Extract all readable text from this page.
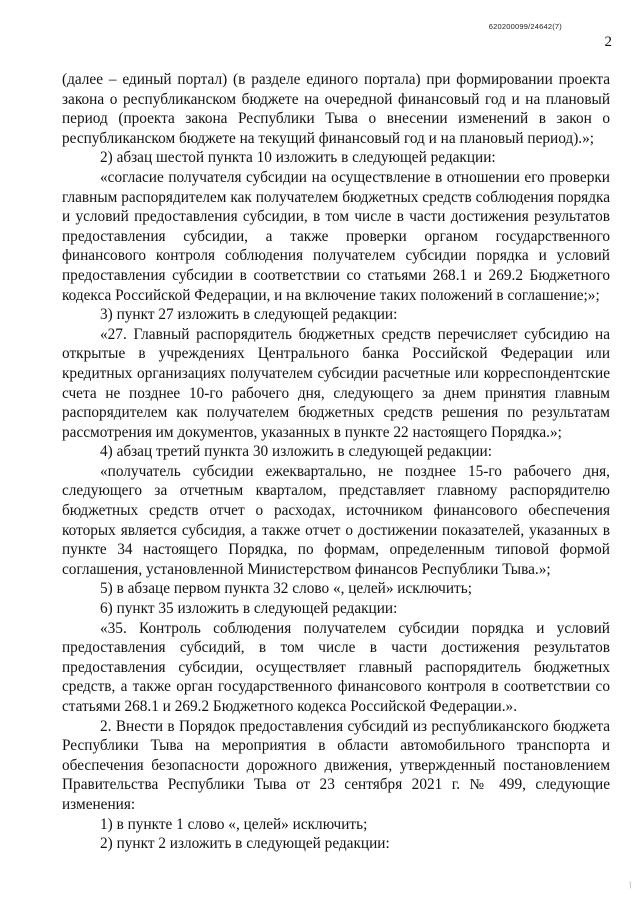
620200099/24642(7)
2

(далее – единый портал) (в разделе единого портала) при формировании проекта закона о республиканском бюджете на очередной финансовый год и на плановый период (проекта закона Республики Тыва о внесении изменений в закон о республиканском бюджете на текущий финансовый год и на плановый период).»;

2) абзац шестой пункта 10 изложить в следующей редакции:

«согласие получателя субсидии на осуществление в отношении его проверки главным распорядителем как получателем бюджетных средств соблюдения порядка и условий предоставления субсидии, в том числе в части достижения результатов предоставления субсидии, а также проверки органом государственного финансового контроля соблюдения получателем субсидии порядка и условий предоставления субсидии в соответствии со статьями 268.1 и 269.2 Бюджетного кодекса Российской Федерации, и на включение таких положений в соглашение;»;

3) пункт 27 изложить в следующей редакции:

«27. Главный распорядитель бюджетных средств перечисляет субсидию на открытые в учреждениях Центрального банка Российской Федерации или кредитных организациях получателем субсидии расчетные или корреспондентские счета не позднее 10-го рабочего дня, следующего за днем принятия главным распорядителем как получателем бюджетных средств решения по результатам рассмотрения им документов, указанных в пункте 22 настоящего Порядка.»;

4) абзац третий пункта 30 изложить в следующей редакции:

«получатель субсидии ежеквартально, не позднее 15-го рабочего дня, следующего за отчетным кварталом, представляет главному распорядителю бюджетных средств отчет о расходах, источником финансового обеспечения которых является субсидия, а также отчет о достижении показателей, указанных в пункте 34 настоящего Порядка, по формам, определенным типовой формой соглашения, установленной Министерством финансов Республики Тыва.»;

5) в абзаце первом пункта 32 слово «, целей» исключить;

6) пункт 35 изложить в следующей редакции:

«35. Контроль соблюдения получателем субсидии порядка и условий предоставления субсидий, в том числе в части достижения результатов предоставления субсидии, осуществляет главный распорядитель бюджетных средств, а также орган государственного финансового контроля в соответствии со статьями 268.1 и 269.2 Бюджетного кодекса Российской Федерации.».

2. Внести в Порядок предоставления субсидий из республиканского бюджета Республики Тыва на мероприятия в области автомобильного транспорта и обеспечения безопасности дорожного движения, утвержденный постановлением Правительства Республики Тыва от 23 сентября 2021 г. № 499, следующие изменения:

1) в пункте 1 слово «, целей» исключить;

2) пункт 2 изложить в следующей редакции:

/
